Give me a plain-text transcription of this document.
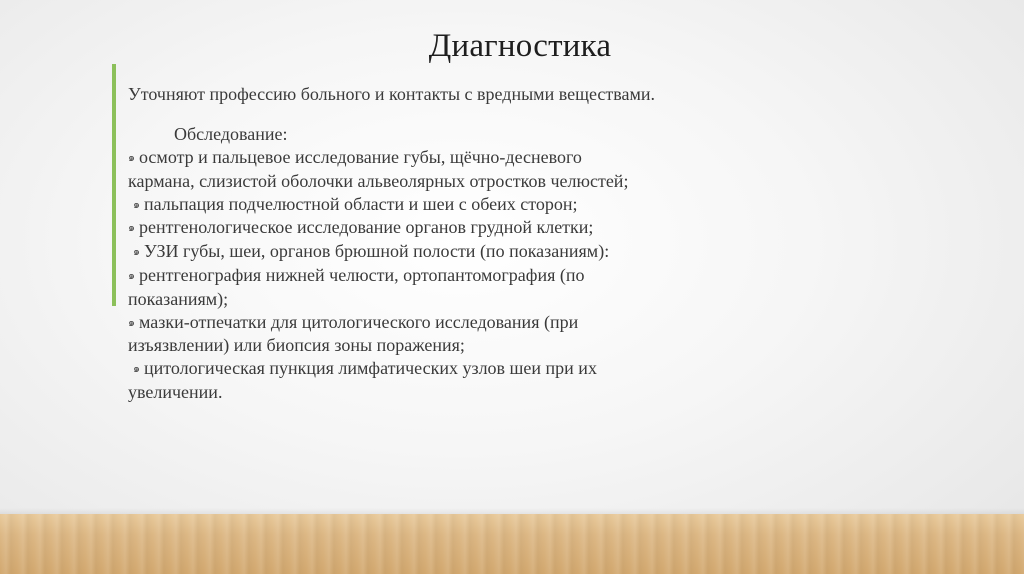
Диагностика
Уточняют профессию больного и контакты с вредными веществами.
Обследование:

๑ осмотр и пальцевое исследование губы, щёчно-десневого кармана, слизистой оболочки альвеолярных отростков челюстей;

๑ пальпация подчелюстной области и шеи с обеих сторон;

๑ рентгенологическое исследование органов грудной клетки;

๑ УЗИ губы, шеи, органов брюшной полости (по показаниям):

๑ рентгенография нижней челюсти, ортопантомография (по показаниям);

๑ мазки-отпечатки для цитологического исследования (при изъязвлении) или биопсия зоны поражения;

๑ цитологическая пункция лимфатических узлов шеи при их увеличении.
